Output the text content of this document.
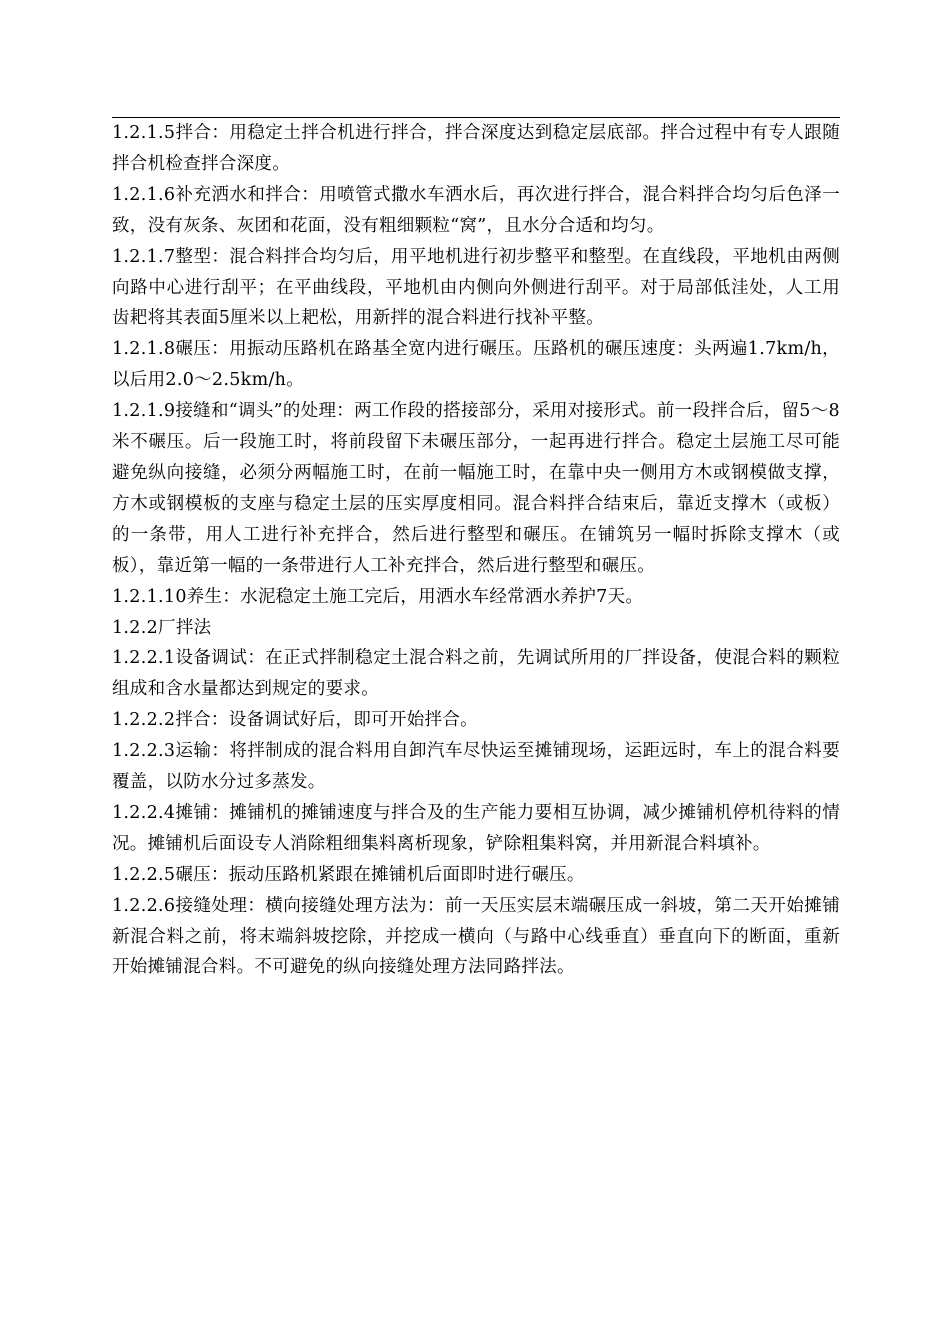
1.2.1.5拌合：用稳定土拌合机进行拌合，拌合深度达到稳定层底部。拌合过程中有专人跟随拌合机检查拌合深度。

1.2.1.6补充洒水和拌合：用喷管式撒水车洒水后，再次进行拌合，混合料拌合均匀后色泽一致，没有灰条、灰团和花面，没有粗细颗粒“窝”，且水分合适和均匀。

1.2.1.7整型：混合料拌合均匀后，用平地机进行初步整平和整型。在直线段，平地机由两侧向路中心进行刮平；在平曲线段，平地机由内侧向外侧进行刮平。对于局部低洼处，人工用齿耙将其表面5厘米以上耙松，用新拌的混合料进行找补平整。

1.2.1.8碾压：用振动压路机在路基全宽内进行碾压。压路机的碾压速度：头两遍1.7km/h，以后用2.0～2.5km/h。

1.2.1.9接缝和“调头”的处理：两工作段的搭接部分，采用对接形式。前一段拌合后，留5～8米不碾压。后一段施工时，将前段留下未碾压部分，一起再进行拌合。稳定土层施工尽可能避免纵向接缝，必须分两幅施工时，在前一幅施工时，在靠中央一侧用方木或钢模做支撑，方木或钢模板的支座与稳定土层的压实厚度相同。混合料拌合结束后，靠近支撑木（或板）的一条带，用人工进行补充拌合，然后进行整型和碾压。在铺筑另一幅时拆除支撑木（或板），靠近第一幅的一条带进行人工补充拌合，然后进行整型和碾压。

1.2.1.10养生：水泥稳定土施工完后，用洒水车经常洒水养护7天。

1.2.2厂拌法

1.2.2.1设备调试：在正式拌制稳定土混合料之前，先调试所用的厂拌设备，使混合料的颗粒组成和含水量都达到规定的要求。

1.2.2.2拌合：设备调试好后，即可开始拌合。

1.2.2.3运输：将拌制成的混合料用自卸汽车尽快运至摊铺现场，运距远时，车上的混合料要覆盖，以防水分过多蒸发。

1.2.2.4摊铺：摊铺机的摊铺速度与拌合及的生产能力要相互协调，减少摊铺机停机待料的情况。摊铺机后面设专人消除粗细集料离析现象，铲除粗集料窝，并用新混合料填补。

1.2.2.5碾压：振动压路机紧跟在摊铺机后面即时进行碾压。

1.2.2.6接缝处理：横向接缝处理方法为：前一天压实层末端碾压成一斜坡，第二天开始摊铺新混合料之前，将末端斜坡挖除，并挖成一横向（与路中心线垂直）垂直向下的断面，重新开始摊铺混合料。不可避免的纵向接缝处理方法同路拌法。
